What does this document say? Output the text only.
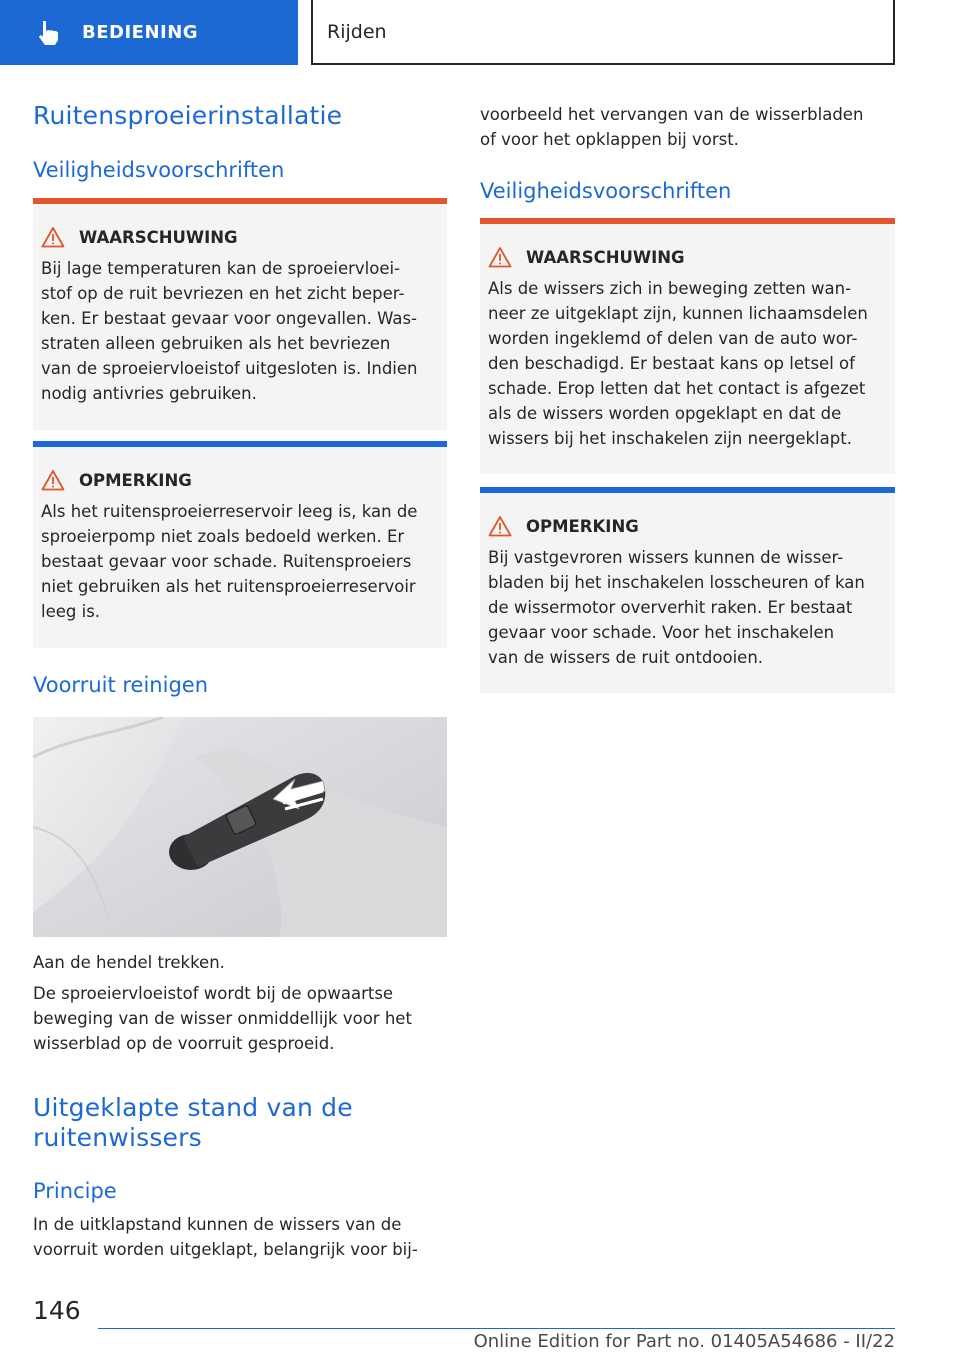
BEDIENING	Rijden
Ruitensproeierinstallatie
Veiligheidsvoorschriften
WAARSCHUWING
Bij lage temperaturen kan de sproeiervloei-
stof op de ruit bevriezen en het zicht beper-
ken. Er bestaat gevaar voor ongevallen. Was-
straten alleen gebruiken als het bevriezen
van de sproeiervloeistof uitgesloten is. Indien
nodig antivries gebruiken.
OPMERKING
Als het ruitensproeierreservoir leeg is, kan de
sproeierpomp niet zoals bedoeld werken. Er
bestaat gevaar voor schade. Ruitensproeiers
niet gebruiken als het ruitensproeierreservoir
leeg is.
Voorruit reinigen
Aan de hendel trekken.
De sproeiervloeistof wordt bij de opwaartse
beweging van de wisser onmiddellijk voor het
wisserblad op de voorruit gesproeid.
Uitgeklapte stand van de
ruitenwissers
Principe
In de uitklapstand kunnen de wissers van de
voorruit worden uitgeklapt, belangrijk voor bij-
voorbeeld het vervangen van de wisserbladen
of voor het opklappen bij vorst.
Veiligheidsvoorschriften
WAARSCHUWING
Als de wissers zich in beweging zetten wan-
neer ze uitgeklapt zijn, kunnen lichaamsdelen
worden ingeklemd of delen van de auto wor-
den beschadigd. Er bestaat kans op letsel of
schade. Erop letten dat het contact is afgezet
als de wissers worden opgeklapt en dat de
wissers bij het inschakelen zijn neergeklapt.
OPMERKING
Bij vastgevroren wissers kunnen de wisser-
bladen bij het inschakelen losscheuren of kan
de wissermotor oververhit raken. Er bestaat
gevaar voor schade. Voor het inschakelen
van de wissers de ruit ontdooien.
146
Online Edition for Part no. 01405A54686 - II/22
